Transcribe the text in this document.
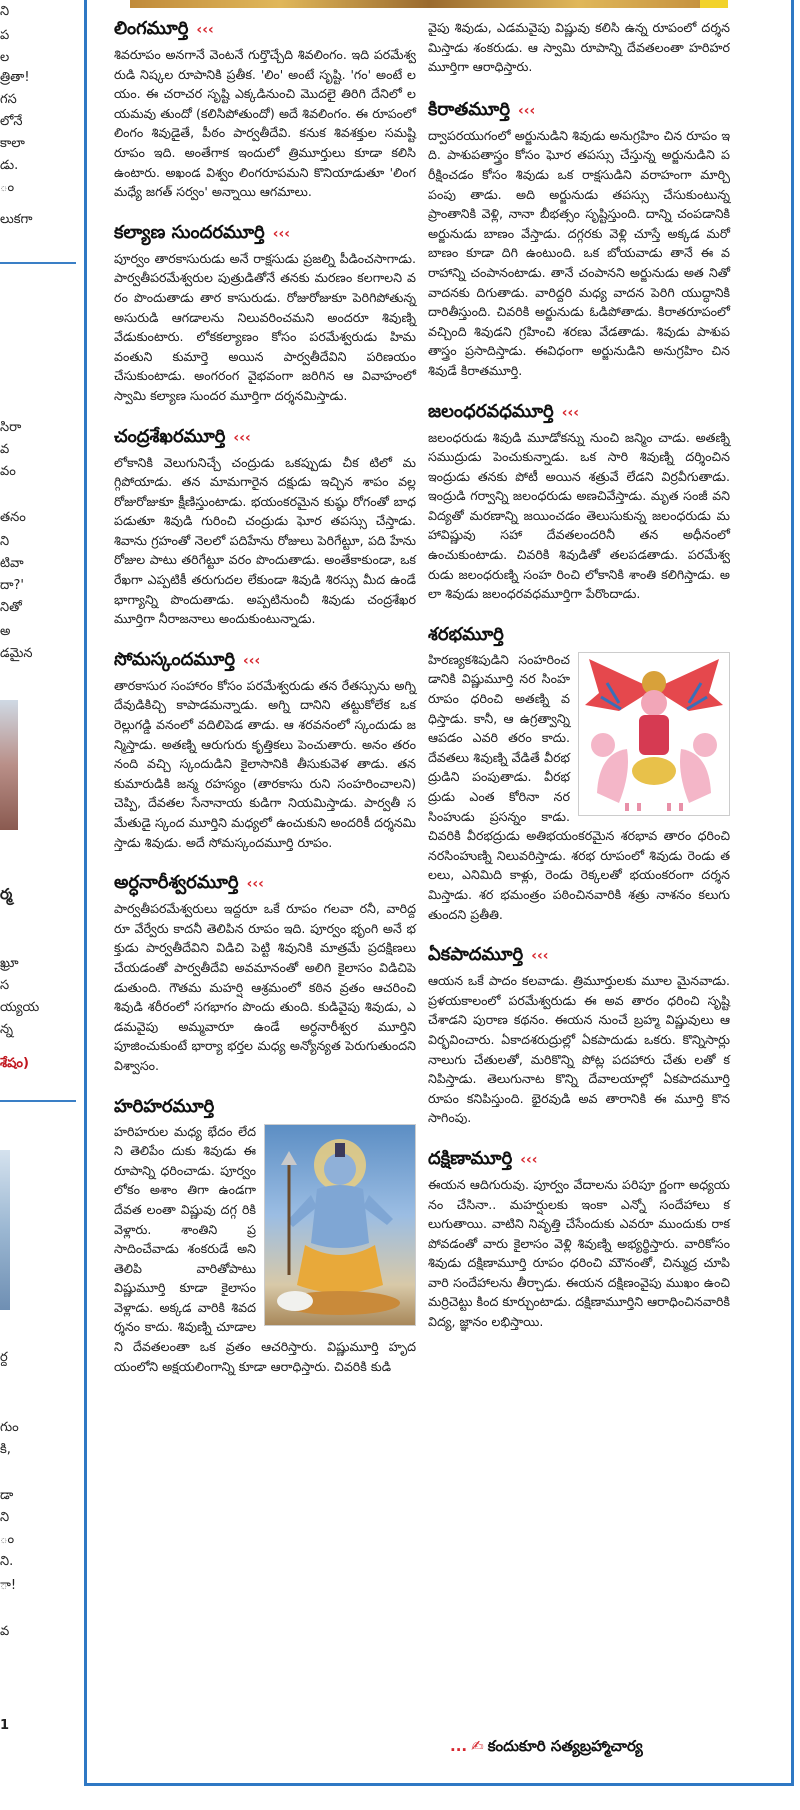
ని
ప
ల
త్రితా!
గస
లోనే
కాలా
డు.
ం
లుకగా
సిరా
వ
వం
తనం
ని
టివా
దా?'
నితో
అ
డమైన
ర్మ
ఖ్రూ
స
య్యయ
న్న
శేషం)
ర్ద
గుం
కి,
డా
ని
ం
ని.
ా!
వ
1
లింగమూర్తి ‹‹‹

శివరూపం అనగానే వెంటనే గుర్తొచ్చేది శివలింగం. ఇది పరమేశ్వరుడి నిష్కల రూపానికి ప్రతీక. 'లిం' అంటే సృష్టి. 'గం' అంటే లయం. ఈ చరాచర సృష్టి ఎక్కడినుంచి మొదలై తిరిగి దేనిలో లయమవు తుందో (కలిసిపోతుందో) అదే శివలింగం. ఈ రూపంలో లింగం శివుడైతే, పీఠం పార్వతీదేవి. కనుక శివశక్తుల సమష్టి రూపం ఇది. అంతేగాక ఇందులో త్రిమూర్తులు కూడా కలిసి ఉంటారు. అఖండ విశ్వం లింగరూపమని కొనియాడుతూ 'లింగమధ్యే జగత్ సర్వం' అన్నాయి ఆగమాలు.

కల్యాణ సుందరమూర్తి ‹‹‹

పూర్వం తారకాసురుడు అనే రాక్షసుడు ప్రజల్ని పీడించసాగాడు. పార్వతీపరమేశ్వరుల పుత్రుడితోనే తనకు మరణం కలగాలని వరం పొందుతాడు తార కాసురుడు. రోజురోజుకూ పెరిగిపోతున్న అసురుడి ఆగడాలను నిలువరించమని అందరూ శివుణ్ని వేడుకుంటారు. లోకకల్యాణం కోసం పరమేశ్వరుడు హిమవంతుని కుమార్తె అయిన పార్వతీదేవిని పరిణయం చేసుకుంటాడు. అంగరంగ వైభవంగా జరిగిన ఆ వివాహంలో స్వామి కల్యాణ సుందర మూర్తిగా దర్శనమిస్తాడు.

చంద్రశేఖరమూర్తి ‹‹‹

లోకానికి వెలుగునిచ్చే చంద్రుడు ఒకప్పుడు చీక టిలో మగ్గిపోయాడు. తన మామగారైన దక్షుడు ఇచ్చిన శాపం వల్ల రోజురోజుకూ క్షీణిస్తుంటాడు. భయంకరమైన కుష్ఠు రోగంతో బాధపడుతూ శివుడి గురించి చంద్రుడు ఘోర తపస్సు చేస్తాడు. శివాను గ్రహంతో నెలలో పదిహేను రోజులు పెరిగేట్టూ, పది హేను రోజుల పాటు తరిగేట్టూ వరం పొందుతాడు. అంతేకాకుండా, ఒక రేఖగా ఎప్పటికీ తరుగుదల లేకుండా శివుడి శిరస్సు మీద ఉండే భాగ్యాన్ని పొందుతాడు. అప్పటినుంచీ శివుడు చంద్రశేఖర మూర్తిగా నీరాజనాలు అందుకుంటున్నాడు.

సోమస్కందమూర్తి ‹‹‹

తారకాసుర సంహారం కోసం పరమేశ్వరుడు తన రేతస్సును అగ్ని దేవుడికిచ్చి కాపాడమన్నాడు. అగ్ని దానిని తట్టుకోలేక ఒక రెల్లుగడ్డి వనంలో వదిలిపెడ తాడు. ఆ శరవనంలో స్కందుడు జన్మిస్తాడు. అతణ్ని ఆరుగురు కృత్తికలు పెంచుతారు. అనం తరం నంది వచ్చి స్కందుడిని కైలాసానికి తీసుకువెళ తాడు. తన కుమారుడికి జన్మ రహస్యం (తారకాసు రుని సంహరించాలని) చెప్పి, దేవతల సేనానాయ కుడిగా నియమిస్తాడు. పార్వతీ సమేతుడై స్కంద మూర్తిని మధ్యలో ఉంచుకుని అందరికీ దర్శనమి స్తాడు శివుడు. అదే సోమస్కందమూర్తి రూపం.

అర్ధనారీశ్వరమూర్తి ‹‹‹

పార్వతీపరమేశ్వరులు ఇద్దరూ ఒకే రూపం గలవా రనీ, వారిద్దరూ వేర్వేరు కాదనీ తెలిపిన రూపం ఇది. పూర్వం భృంగి అనే భక్తుడు పార్వతీదేవిని విడిచి పెట్టి శివునికి మాత్రమే ప్రదక్షిణలు చేయడంతో పార్వతీదేవి అవమానంతో అలిగి కైలాసం విడిచిపె డుతుంది. గౌతమ మహర్షి ఆశ్రమంలో కఠిన వ్రతం ఆచరించి శివుడి శరీరంలో సగభాగం పొందు తుంది. కుడివైపు శివుడు, ఎడమవైపు అమ్మవారూ ఉండే అర్ధనారీశ్వర మూర్తిని పూజించుకుంటే భార్యా భర్తల మధ్య అన్యోన్యత పెరుగుతుందని విశ్వాసం.

హరిహరమూర్తి

హరిహరుల మధ్య భేదం లేదని తెలిపేం దుకు శివుడు ఈ రూపాన్ని ధరించాడు. పూర్వం లోకం అశాం తిగా ఉండగా దేవత లంతా విష్ణువు దగ్గ రికి వెళ్లారు. శాంతిని ప్రసాదించేవాడు శంకరుడే అని తెలిపి వారితోపాటు విష్ణుమూర్తి కూడా కైలాసం వెళ్లాడు. అక్కడ వారికి శివదర్శనం కాదు. శివుణ్ని చూడాలని దేవతలంతా ఒక వ్రతం ఆచరిస్తారు. విష్ణుమూర్తి హృదయంలోని అక్షయలింగాన్ని కూడా ఆరాధిస్తారు. చివరికి కుడి

వైపు శివుడు, ఎడమవైపు విష్ణువు కలిసి ఉన్న రూపంలో దర్శనమిస్తాడు శంకరుడు. ఆ స్వామి రూపాన్ని దేవతలంతా హరిహరమూర్తిగా ఆరాధిస్తారు.

కిరాతమూర్తి ‹‹‹

ద్వాపరయుగంలో అర్జునుడిని శివుడు అనుగ్రహిం చిన రూపం ఇది. పాశుపతాస్త్రం కోసం ఘోర తపస్సు చేస్తున్న అర్జునుడిని పరీక్షించడం కోసం శివుడు ఒక రాక్షసుడిని వరాహంగా మార్చి పంపు తాడు. అది అర్జునుడు తపస్సు చేసుకుంటున్న ప్రాంతానికి వెళ్లి, నానా బీభత్సం సృష్టిస్తుంది. దాన్ని చంపడానికి అర్జునుడు బాణం వేస్తాడు. దగ్గరకు వెళ్లి చూస్తే అక్కడ మరో బాణం కూడా దిగి ఉంటుంది. ఒక బోయవాడు తానే ఈ వరాహాన్ని చంపానంటాడు. తానే చంపానని అర్జునుడు అత నితో వాదనకు దిగుతాడు. వారిద్దరి మధ్య వాదన పెరిగి యుద్ధానికి దారితీస్తుంది. చివరికి అర్జునుడు ఓడిపోతాడు. కిరాతరూపంలో వచ్చింది శివుడని గ్రహించి శరణు వేడతాడు. శివుడు పాశుపతాస్త్రం ప్రసాదిస్తాడు. ఈవిధంగా అర్జునుడిని అనుగ్రహిం చిన శివుడే కిరాతమూర్తి.

జలంధరవధమూర్తి ‹‹‹

జలంధరుడు శివుడి మూడోకన్ను నుంచి జన్మిం చాడు. అతణ్ని సముద్రుడు పెంచుకున్నాడు. ఒక సారి శివుణ్ని దర్శించిన ఇంద్రుడు తనకు పోటీ అయిన శత్రువే లేడని విర్రవీగుతాడు. ఇంద్రుడి గర్వాన్ని జలంధరుడు అణచివేస్తాడు. మృత సంజీ వని విద్యతో మరణాన్ని జయించడం తెలుసుకున్న జలంధరుడు మహావిష్ణువు సహా దేవతలందరినీ తన అధీనంలో ఉంచుకుంటాడు. చివరికి శివుడితో తలపడతాడు. పరమేశ్వరుడు జలంధరుణ్ని సంహ రించి లోకానికి శాంతి కలిగిస్తాడు. అలా శివుడు జలంధరవధమూర్తిగా పేరొందాడు.

శరభమూర్తి

హిరణ్యకశిపుడిని సంహరించడానికి విష్ణుమూర్తి నర సింహ రూపం ధరించి అతణ్ని వధిస్తాడు. కానీ, ఆ ఉగ్రత్వాన్ని ఆపడం ఎవరి తరం కాదు. దేవతలు శివుణ్ని వేడితే వీరభద్రుడిని పంపుతాడు. వీరభ ద్రుడు ఎంత కోరినా నరసింహుడు ప్రసన్నం కాడు. చివరికి వీరభద్రుడు అతిభయంకరమైన శరభావ తారం ధరించి నరసింహుణ్ని నిలువరిస్తాడు. శరభ రూపంలో శివుడు రెండు తలలు, ఎనిమిది కాళ్లు, రెండు రెక్కలతో భయంకరంగా దర్శనమిస్తాడు. శర భమంత్రం పఠించినవారికి శత్రు నాశనం కలుగు తుందని ప్రతీతి.

ఏకపాదమూర్తి ‹‹‹

ఆయన ఒకే పాదం కలవాడు. త్రిమూర్తులకు మూల మైనవాడు. ప్రళయకాలంలో పరమేశ్వరుడు ఈ అవ తారం ధరించి సృష్టి చేశాడని పురాణ కథనం. ఈయన నుంచే బ్రహ్మ విష్ణువులు ఆవిర్భవించారు. ఏకాదశరుద్రుల్లో ఏకపాదుడు ఒకరు. కొన్నిసార్లు నాలుగు చేతులతో, మరికొన్ని పోట్ల పదహారు చేతు లతో కనిపిస్తాడు. తెలుగునాట కొన్ని దేవాలయాల్లో ఏకపాదమూర్తి రూపం కనిపిస్తుంది. భైరవుడి అవ తారానికి ఈ మూర్తి కొనసాగింపు.

దక్షిణామూర్తి ‹‹‹

ఈయన ఆదిగురువు. పూర్వం వేదాలను పరిపూ ర్ణంగా అధ్యయనం చేసినా.. మహర్షులకు ఇంకా ఎన్నో సందేహాలు కలుగుతాయి. వాటిని నివృత్తి చేసేందుకు ఎవరూ ముందుకు రాకపోవడంతో వారు కైలాసం వెళ్లి శివుణ్ని అభ్యర్థిస్తారు. వారికోసం శివుడు దక్షిణామూర్తి రూపం ధరించి మౌనంతో, చిన్ముద్ర చూపి వారి సందేహాలను తీర్చాడు. ఈయన దక్షిణంవైపు ముఖం ఉంచి మర్రిచెట్టు కింద కూర్చుంటాడు. దక్షిణామూర్తిని ఆరాధించినవారికి విద్య, జ్ఞానం లభిస్తాయి.

... ✍ కందుకూరి సత్యబ్రహ్మాచార్య
